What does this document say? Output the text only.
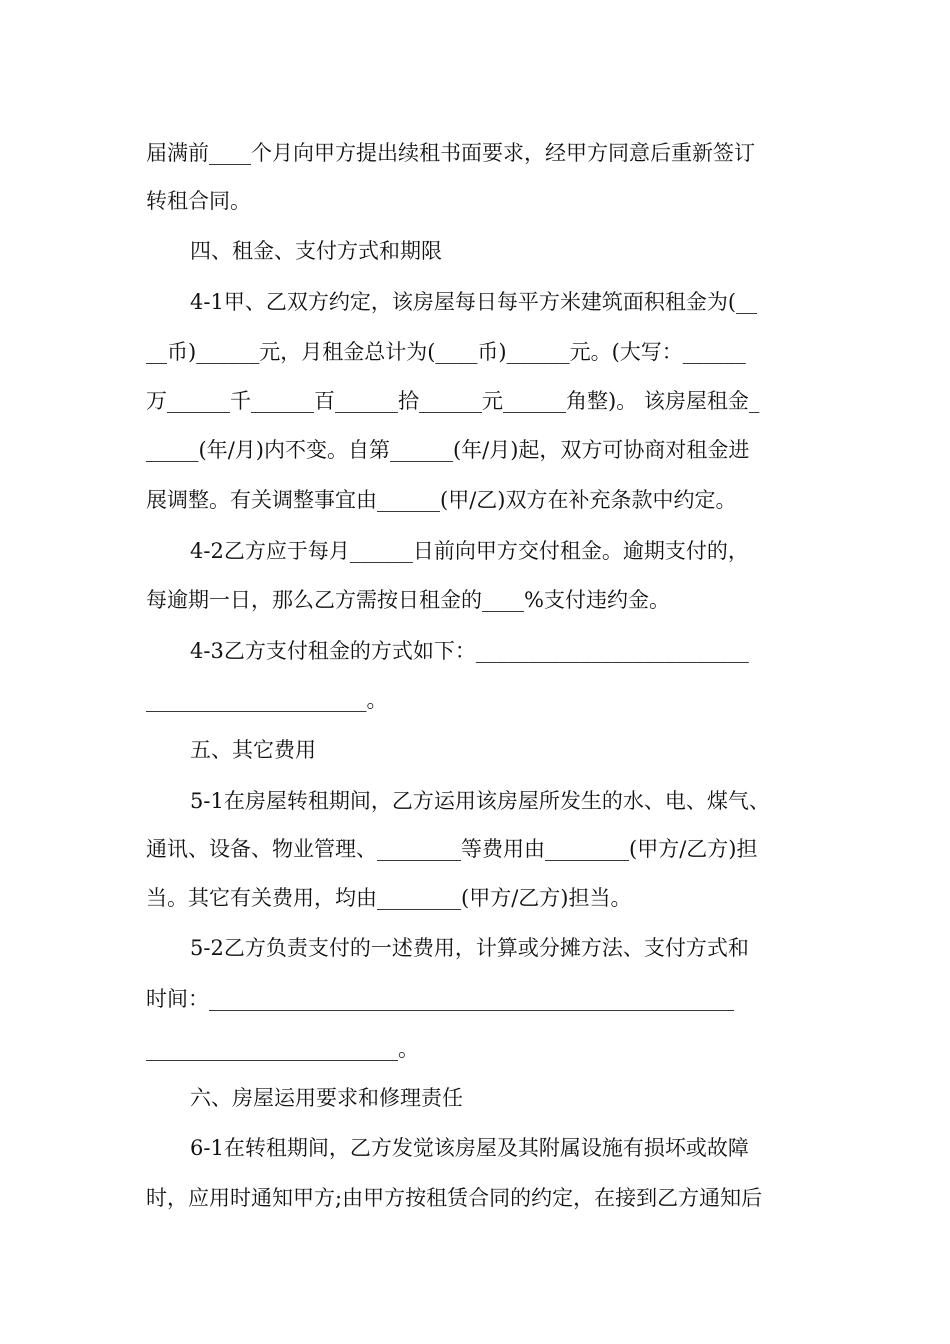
届满前____个月向甲方提出续租书面要求，经甲方同意后重新签订
转租合同。
四、租金、支付方式和期限
4-1甲、乙双方约定，该房屋每日每平方米建筑面积租金为(__
__币)______元，月租金总计为(____币)______元。(大写：______
万______千______百______拾______元______角整)。 该房屋租金_
_____(年/月)内不变。自第______(年/月)起，双方可协商对租金进
展调整。有关调整事宜由______(甲/乙)双方在补充条款中约定。
4-2乙方应于每月______日前向甲方交付租金。逾期支付的，
每逾期一日，那么乙方需按日租金的____%支付违约金。
4-3乙方支付租金的方式如下：__________________________
_____________________。
五、其它费用
5-1在房屋转租期间，乙方运用该房屋所发生的水、电、煤气、
通讯、设备、物业管理、________等费用由________(甲方/乙方)担
当。其它有关费用，均由________(甲方/乙方)担当。
5-2乙方负责支付的一述费用，计算或分摊方法、支付方式和
时间：__________________________________________________
________________________。
六、房屋运用要求和修理责任
6-1在转租期间，乙方发觉该房屋及其附属设施有损坏或故障
时，应用时通知甲方;由甲方按租赁合同的约定，在接到乙方通知后
